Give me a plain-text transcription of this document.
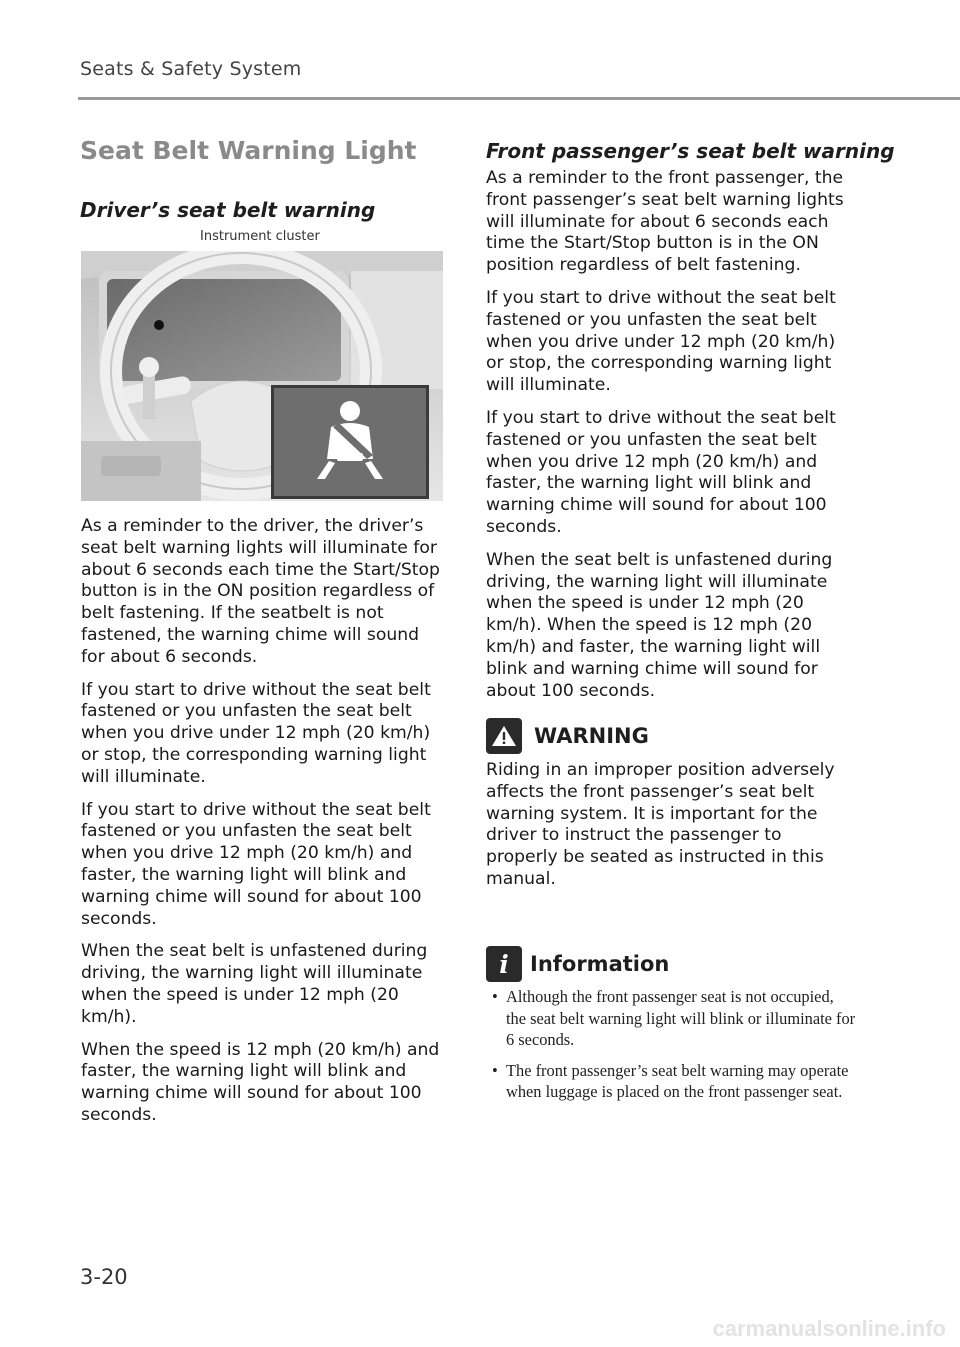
Seats & Safety System
Seat Belt Warning Light
Driver’s seat belt warning
Instrument cluster

As a reminder to the driver, the driver’s seat belt warning lights will illuminate for about 6 seconds each time the Start/Stop button is in the ON position regardless of belt fastening. If the seatbelt is not fastened, the warning chime will sound for about 6 seconds.

If you start to drive without the seat belt fastened or you unfasten the seat belt when you drive under 12 mph (20 km/h) or stop, the corresponding warning light will illuminate.

If you start to drive without the seat belt fastened or you unfasten the seat belt when you drive 12 mph (20 km/h) and faster, the warning light will blink and warning chime will sound for about 100 seconds.

When the seat belt is unfastened during driving, the warning light will illuminate when the speed is under 12 mph (20 km/h).

When the speed is 12 mph (20 km/h) and faster, the warning light will blink and warning chime will sound for about 100 seconds.

Front passenger’s seat belt warning

As a reminder to the front passenger, the front passenger’s seat belt warning lights will illuminate for about 6 seconds each time the Start/Stop button is in the ON position regardless of belt fastening.

If you start to drive without the seat belt fastened or you unfasten the seat belt when you drive under 12 mph (20 km/h) or stop, the corresponding warning light will illuminate.

If you start to drive without the seat belt fastened or you unfasten the seat belt when you drive 12 mph (20 km/h) and faster, the warning light will blink and warning chime will sound for about 100 seconds.

When the seat belt is unfastened during driving, the warning light will illuminate when the speed is under 12 mph (20 km/h). When the speed is 12 mph (20 km/h) and faster, the warning light will blink and warning chime will sound for about 100 seconds.

WARNING

Riding in an improper position adversely affects the front passenger’s seat belt warning system. It is important for the driver to instruct the passenger to properly be seated as instructed in this manual.

i	Information
• Although the front passenger seat is not occupied, the seat belt warning light will blink or illuminate for 6 seconds.
• The front passenger’s seat belt warning may operate when luggage is placed on the front passenger seat.
3-20
carmanualsonline.info
